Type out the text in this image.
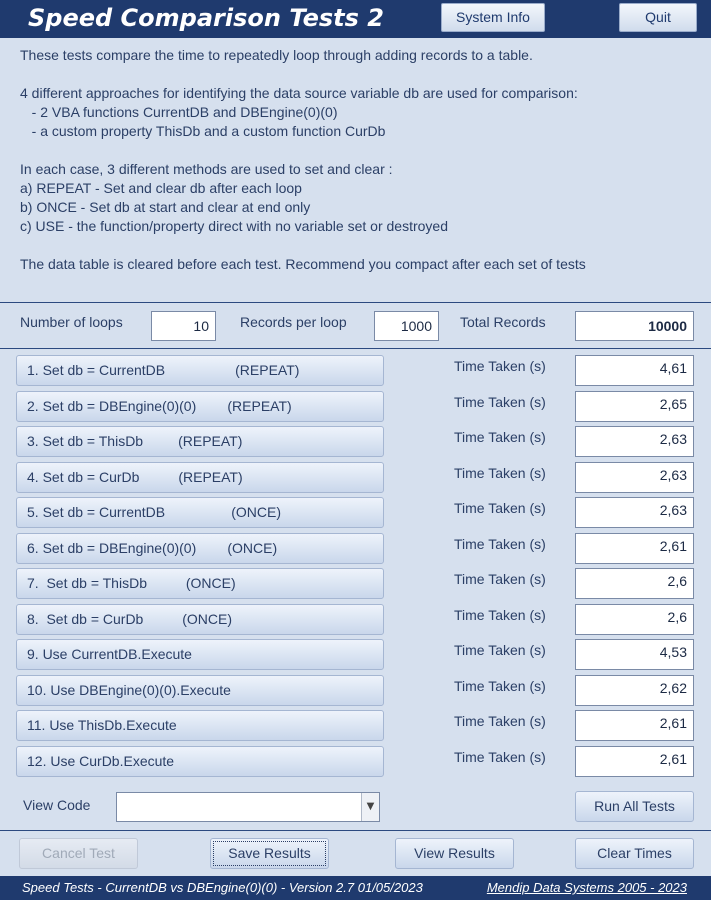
Speed Comparison Tests 2	System Info	Quit
These tests compare the time to repeatedly loop through adding records to a table.
4 different approaches for identifying the data source variable db are used for comparison:
- 2 VBA functions CurrentDB and DBEngine(0)(0)
- a custom property ThisDb and a custom function CurDb
In each case, 3 different methods are used to set and clear :
a) REPEAT - Set and clear db after each loop
b) ONCE - Set db at start and clear at end only
c) USE - the function/property direct with no variable set or destroyed
The data table is cleared before each test. Recommend you compact after each set of tests
Number of loops	10	Records per loop	1000	Total Records	10000
1. Set db = CurrentDB                  (REPEAT)	Time Taken (s)	4,61
2. Set db = DBEngine(0)(0)        (REPEAT)	Time Taken (s)	2,65
3. Set db = ThisDb         (REPEAT)	Time Taken (s)	2,63
4. Set db = CurDb          (REPEAT)	Time Taken (s)	2,63
5. Set db = CurrentDB                 (ONCE)	Time Taken (s)	2,63
6. Set db = DBEngine(0)(0)        (ONCE)	Time Taken (s)	2,61
7.  Set db = ThisDb          (ONCE)	Time Taken (s)	2,6
8.  Set db = CurDb          (ONCE)	Time Taken (s)	2,6
9. Use CurrentDB.Execute	Time Taken (s)	4,53
10. Use DBEngine(0)(0).Execute	Time Taken (s)	2,62
11. Use ThisDb.Execute	Time Taken (s)	2,61
12. Use CurDb.Execute	Time Taken (s)	2,61
View Code	▼	Run All Tests
Cancel Test	Save Results	View Results	Clear Times
Speed Tests - CurrentDB vs DBEngine(0)(0) - Version 2.7 01/05/2023	Mendip Data Systems 2005 - 2023
